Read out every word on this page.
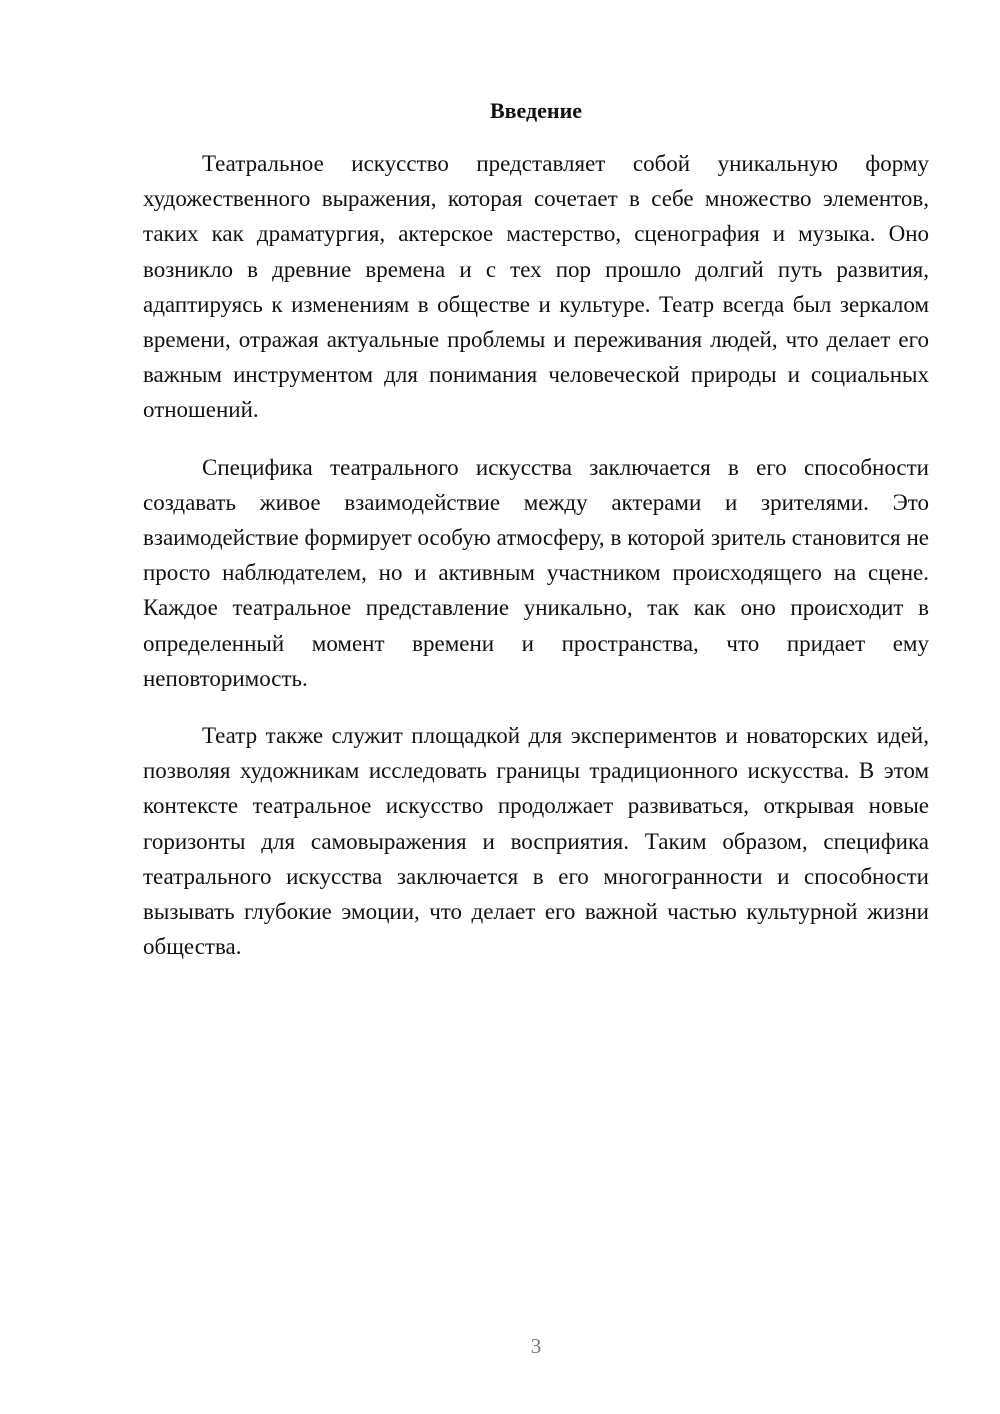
Введение

Театральное искусство представляет собой уникальную форму художественного выражения, которая сочетает в себе множество элементов, таких как драматургия, актерское мастерство, сценография и музыка. Оно возникло в древние времена и с тех пор прошло долгий путь развития, адаптируясь к изменениям в обществе и культуре. Театр всегда был зеркалом времени, отражая актуальные проблемы и переживания людей, что делает его важным инструментом для понимания человеческой природы и социальных отношений.

Специфика театрального искусства заключается в его способности создавать живое взаимодействие между актерами и зрителями. Это взаимодействие формирует особую атмосферу, в которой зритель становится не просто наблюдателем, но и активным участником происходящего на сцене. Каждое театральное представление уникально, так как оно происходит в определенный момент времени и пространства, что придает ему неповторимость.

Театр также служит площадкой для экспериментов и новаторских идей, позволяя художникам исследовать границы традиционного искусства. В этом контексте театральное искусство продолжает развиваться, открывая новые горизонты для самовыражения и восприятия. Таким образом, специфика театрального искусства заключается в его многогранности и способности вызывать глубокие эмоции, что делает его важной частью культурной жизни общества.

3
